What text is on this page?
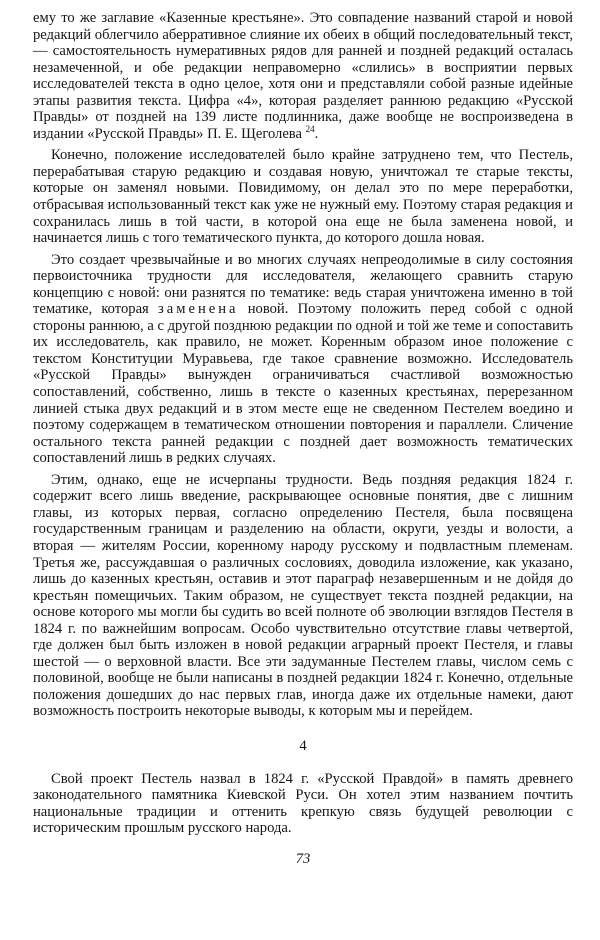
ему то же заглавие «Казенные крестьяне». Это совпадение названий старой и новой редакций облегчило аберративное слияние их обеих в общий последовательный текст,— самостоятельность нумеративных рядов для ранней и поздней редакций осталась незамеченной, и обе редакции неправомерно «слились» в восприятии первых исследователей текста в одно целое, хотя они и представляли собой разные идейные этапы развития текста. Цифра «4», которая разделяет раннюю редакцию «Русской Правды» от поздней на 139 листе подлинника, даже вообще не воспроизведена в издании «Русской Правды» П. Е. Щеголева $^{24}$.

Конечно, положение исследователей было крайне затруднено тем, что Пестель, перерабатывая старую редакцию и создавая новую, уничтожал те старые тексты, которые он заменял новыми. Повидимому, он делал это по мере переработки, отбрасывая использованный текст как уже не нужный ему. Поэтому старая редакция и сохранилась лишь в той части, в которой она еще не была заменена новой, и начинается лишь с того тематического пункта, до которого дошла новая.

Это создает чрезвычайные и во многих случаях непреодолимые в силу состояния первоисточника трудности для исследователя, желающего сравнить старую концепцию с новой: они разнятся по тематике: ведь старая уничтожена именно в той тематике, которая заменена новой. Поэтому положить перед собой с одной стороны раннюю, а с другой позднюю редакции по одной и той же теме и сопоставить их исследователь, как правило, не может. Коренным образом иное положение с текстом Конституции Муравьева, где такое сравнение возможно. Исследователь «Русской Правды» вынужден ограничиваться счастливой возможностью сопоставлений, собственно, лишь в тексте о казенных крестьянах, перерезанном линией стыка двух редакций и в этом месте еще не сведенном Пестелем воедино и поэтому содержащем в тематическом отношении повторения и параллели. Сличение остального текста ранней редакции с поздней дает возможность тематических сопоставлений лишь в редких случаях.

Этим, однако, еще не исчерпаны трудности. Ведь поздняя редакция 1824 г. содержит всего лишь введение, раскрывающее основные понятия, две с лишним главы, из которых первая, согласно определению Пестеля, была посвящена государственным границам и разделению на области, округи, уезды и волости, а вторая — жителям России, коренному народу русскому и подвластным племенам. Третья же, рассуждавшая о различных сословиях, доводила изложение, как указано, лишь до казенных крестьян, оставив и этот параграф незавершенным и не дойдя до крестьян помещичьих. Таким образом, не существует текста поздней редакции, на основе которого мы могли бы судить во всей полноте об эволюции взглядов Пестеля в 1824 г. по важнейшим вопросам. Особо чувствительно отсутствие главы четвертой, где должен был быть изложен в новой редакции аграрный проект Пестеля, и главы шестой — о верховной власти. Все эти задуманные Пестелем главы, числом семь с половиной, вообще не были написаны в поздней редакции 1824 г. Конечно, отдельные положения дошедших до нас первых глав, иногда даже их отдельные намеки, дают возможность построить некоторые выводы, к которым мы и перейдем.

4

Свой проект Пестель назвал в 1824 г. «Русской Правдой» в память древнего законодательного памятника Киевской Руси. Он хотел этим названием почтить национальные традиции и оттенить крепкую связь будущей революции с историческим прошлым русского народа.

73
